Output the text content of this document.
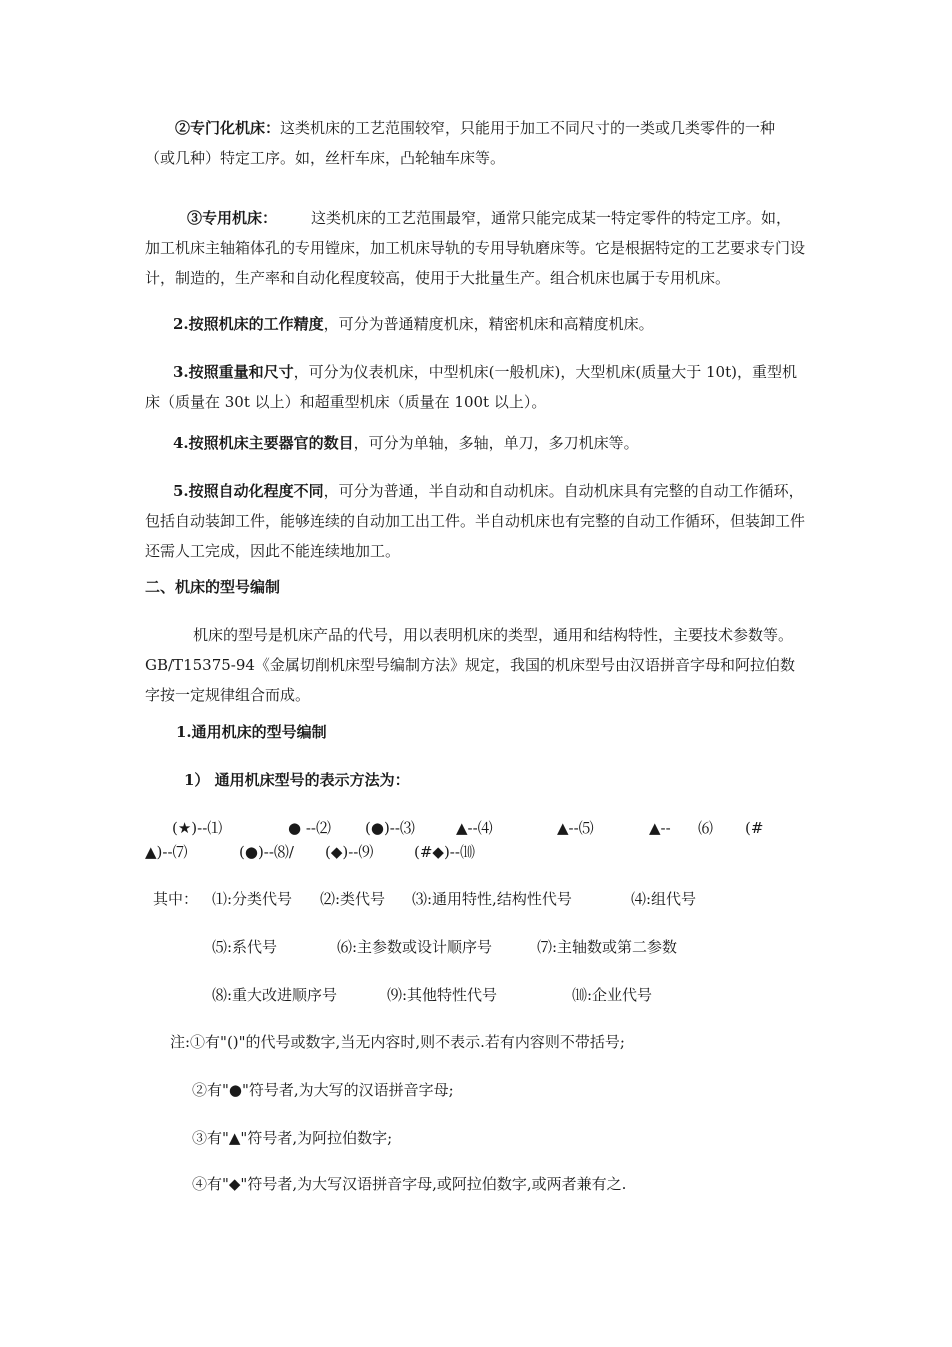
②专门化机床：这类机床的工艺范围较窄，只能用于加工不同尺寸的一类或几类零件的一种（或几种）特定工序。如，丝杆车床，凸轮轴车床等。

③专用机床： 这类机床的工艺范围最窄，通常只能完成某一特定零件的特定工序。如，加工机床主轴箱体孔的专用镗床，加工机床导轨的专用导轨磨床等。它是根据特定的工艺要求专门设计，制造的，生产率和自动化程度较高，使用于大批量生产。组合机床也属于专用机床。

2.按照机床的工作精度，可分为普通精度机床，精密机床和高精度机床。

3.按照重量和尺寸，可分为仪表机床，中型机床(一般机床)，大型机床(质量大于 10t)，重型机床（质量在 30t 以上）和超重型机床（质量在 100t 以上）。

4.按照机床主要器官的数目，可分为单轴，多轴，单刀，多刀机床等。

5.按照自动化程度不同，可分为普通，半自动和自动机床。自动机床具有完整的自动工作循环，包括自动装卸工件，能够连续的自动加工出工件。半自动机床也有完整的自动工作循环，但装卸工件还需人工完成，因此不能连续地加工。

二、机床的型号编制

机床的型号是机床产品的代号，用以表明机床的类型，通用和结构特性，主要技术参数等。GB/T15375-94《金属切削机床型号编制方法》规定，我国的机床型号由汉语拼音字母和阿拉伯数字按一定规律组合而成。

1.通用机床的型号编制

1） 通用机床型号的表示方法为：

(★)--⑴	● --⑵ (●)--⑶	▲--⑷	▲--⑸	▲-- ⑹ (#
▲)--⑺	(●)--⑻/ (◆)--⑼	(#◆)--⑽
其中： ⑴:分类代号 ⑵:类代号 ⑶:通用特性,结构性代号	⑷:组代号
⑸:系代号	⑹:主参数或设计顺序号	⑺:主轴数或第二参数
⑻:重大改进顺序号	⑼:其他特性代号	⑽:企业代号

注:①有"()"的代号或数字,当无内容时,则不表示.若有内容则不带括号;

②有"●"符号者,为大写的汉语拼音字母;

③有"▲"符号者,为阿拉伯数字;

④有"◆"符号者,为大写汉语拼音字母,或阿拉伯数字,或两者兼有之.
